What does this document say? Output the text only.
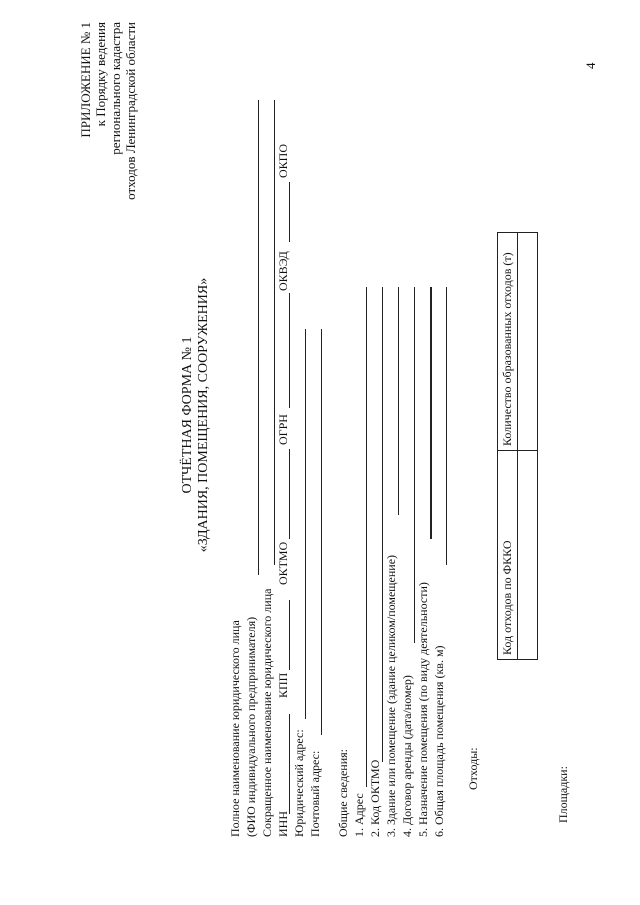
ПРИЛОЖЕНИЕ № 1 к Порядку ведения регионального кадастра отходов Ленинградской области	4
ОТЧЁТНАЯ ФОРМА № 1 «ЗДАНИЯ, ПОМЕЩЕНИЯ, СООРУЖЕНИЯ»
Полное наименование юридического лица (ФИО индивидуального предпринимателя) Сокращенное наименование юридического лица ИНН
КПП
ОКТМО
ОГРН
ОКВЭД
ОКПО
Юридический адрес: Почтовый адрес: Общие сведения: 1. Адрес 2. Код ОКТМО 3. Здание или помещение (здание целиком/помещение) 4. Договор аренды (дата/номер) 5. Назначение помещения (по виду деятельности) 6. Общая площадь помещения (кв. м) Отходы:
Код отходов по ФККО	Количество образованных отходов (т)

Площадки:
